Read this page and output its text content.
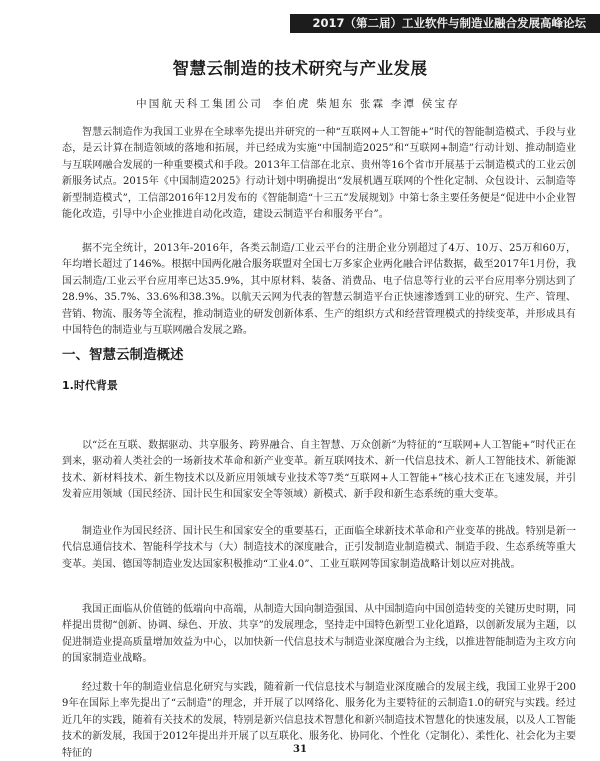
2017（第二届）工业软件与制造业融合发展高峰论坛
智慧云制造的技术研究与产业发展
中国航天科工集团公司 李伯虎 柴旭东 张霖 李潭 侯宝存

智慧云制造作为我国工业界在全球率先提出并研究的一种“互联网+人工智能+”时代的智能制造模式、手段与业态，是云计算在制造领域的落地和拓展，并已经成为实施“中国制造2025”和“互联网+制造”行动计划、推动制造业与互联网融合发展的一种重要模式和手段。2013年工信部在北京、贵州等16个省市开展基于云制造模式的工业云创新服务试点。2015年《中国制造2025》行动计划中明确提出“发展机遇互联网的个性化定制、众包设计、云制造等新型制造模式”，工信部2016年12月发布的《智能制造“十三五”发展规划》中第七条主要任务便是“促进中小企业智能化改造，引导中小企业推进自动化改造，建设云制造平台和服务平台”。

据不完全统计，2013年-2016年，各类云制造/工业云平台的注册企业分别超过了4万、10万、25万和60万，年均增长超过了146%。根据中国两化融合服务联盟对全国七万多家企业两化融合评估数据，截至2017年1月份，我国云制造/工业云平台应用率已达35.9%，其中原材料、装备、消费品、电子信息等行业的云平台应用率分别达到了28.9%、35.7%、33.6%和38.3%。以航天云网为代表的智慧云制造平台正快速渗透到工业的研究、生产、管理、营销、物流、服务等全流程，推动制造业的研发创新体系、生产的组织方式和经营管理模式的持续变革，并形成具有中国特色的制造业与互联网融合发展之路。

一、智慧云制造概述
1.时代背景

以“泛在互联、数据驱动、共享服务、跨界融合、自主智慧、万众创新”为特征的“互联网+人工智能+”时代正在到来，驱动着人类社会的一场新技术革命和新产业变革。新互联网技术、新一代信息技术、新人工智能技术、新能源技术、新材料技术、新生物技术以及新应用领域专业技术等7类“互联网+人工智能+”核心技术正在飞速发展，并引发着应用领域（国民经济、国计民生和国家安全等领域）新模式、新手段和新生态系统的重大变革。

制造业作为国民经济、国计民生和国家安全的重要基石，正面临全球新技术革命和产业变革的挑战。特别是新一代信息通信技术、智能科学技术与（大）制造技术的深度融合，正引发制造业制造模式、制造手段、生态系统等重大变革。美国、德国等制造业发达国家积极推动“工业4.0”、工业互联网等国家制造战略计划以应对挑战。

我国正面临从价值链的低端向中高端，从制造大国向制造强国、从中国制造向中国创造转变的关键历史时期，同样提出贯彻“创新、协调、绿色、开放、共享”的发展理念，坚持走中国特色新型工业化道路，以创新发展为主题，以促进制造业提高质量增加效益为中心，以加快新一代信息技术与制造业深度融合为主线，以推进智能制造为主攻方向的国家制造业战略。

经过数十年的制造业信息化研究与实践，随着新一代信息技术与制造业深度融合的发展主线，我国工业界于2009年在国际上率先提出了“云制造”的理念，并开展了以网络化、服务化为主要特征的云制造1.0的研究与实践。经过近几年的实践，随着有关技术的发展，特别是新兴信息技术智慧化和新兴制造技术智慧化的快速发展，以及人工智能技术的新发展，我国于2012年提出并开展了以互联化、服务化、协同化、个性化（定制化）、柔性化、社会化为主要特征的	31
